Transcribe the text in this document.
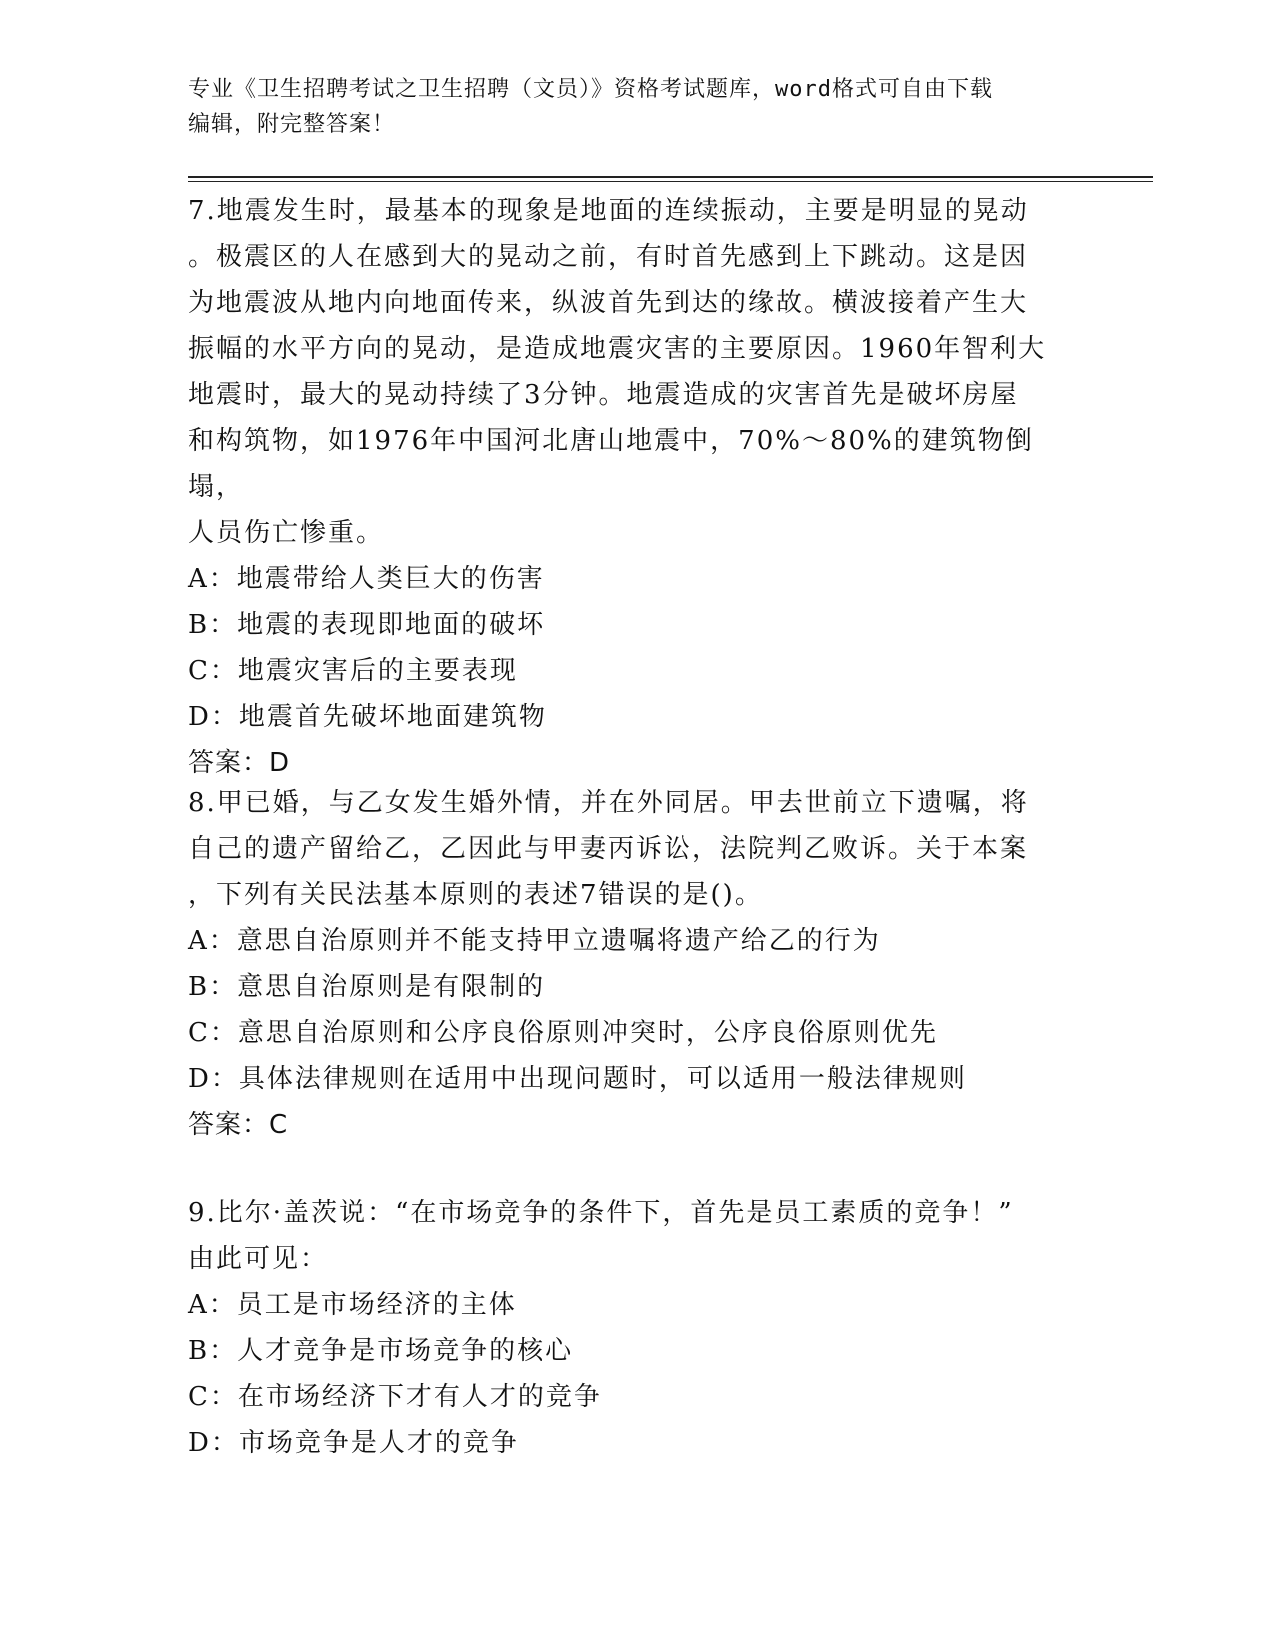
专业《卫生招聘考试之卫生招聘（文员）》资格考试题库，word格式可自由下载
编辑，附完整答案！
7.地震发生时，最基本的现象是地面的连续振动，主要是明显的晃动
。极震区的人在感到大的晃动之前，有时首先感到上下跳动。这是因
为地震波从地内向地面传来，纵波首先到达的缘故。横波接着产生大
振幅的水平方向的晃动，是造成地震灾害的主要原因。1960年智利大
地震时，最大的晃动持续了3分钟。地震造成的灾害首先是破坏房屋
和构筑物，如1976年中国河北唐山地震中，70%～80%的建筑物倒塌，
人员伤亡惨重。
A：地震带给人类巨大的伤害
B：地震的表现即地面的破坏
C：地震灾害后的主要表现
D：地震首先破坏地面建筑物
答案：D
8.甲已婚，与乙女发生婚外情，并在外同居。甲去世前立下遗嘱，将
自己的遗产留给乙，乙因此与甲妻丙诉讼，法院判乙败诉。关于本案
，下列有关民法基本原则的表述7错误的是()。
A：意思自治原则并不能支持甲立遗嘱将遗产给乙的行为
B：意思自治原则是有限制的
C：意思自治原则和公序良俗原则冲突时，公序良俗原则优先
D：具体法律规则在适用中出现问题时，可以适用一般法律规则
答案：C
9.比尔·盖茨说：“在市场竞争的条件下，首先是员工素质的竞争！”
由此可见：
A：员工是市场经济的主体
B：人才竞争是市场竞争的核心
C：在市场经济下才有人才的竞争
D：市场竞争是人才的竞争
